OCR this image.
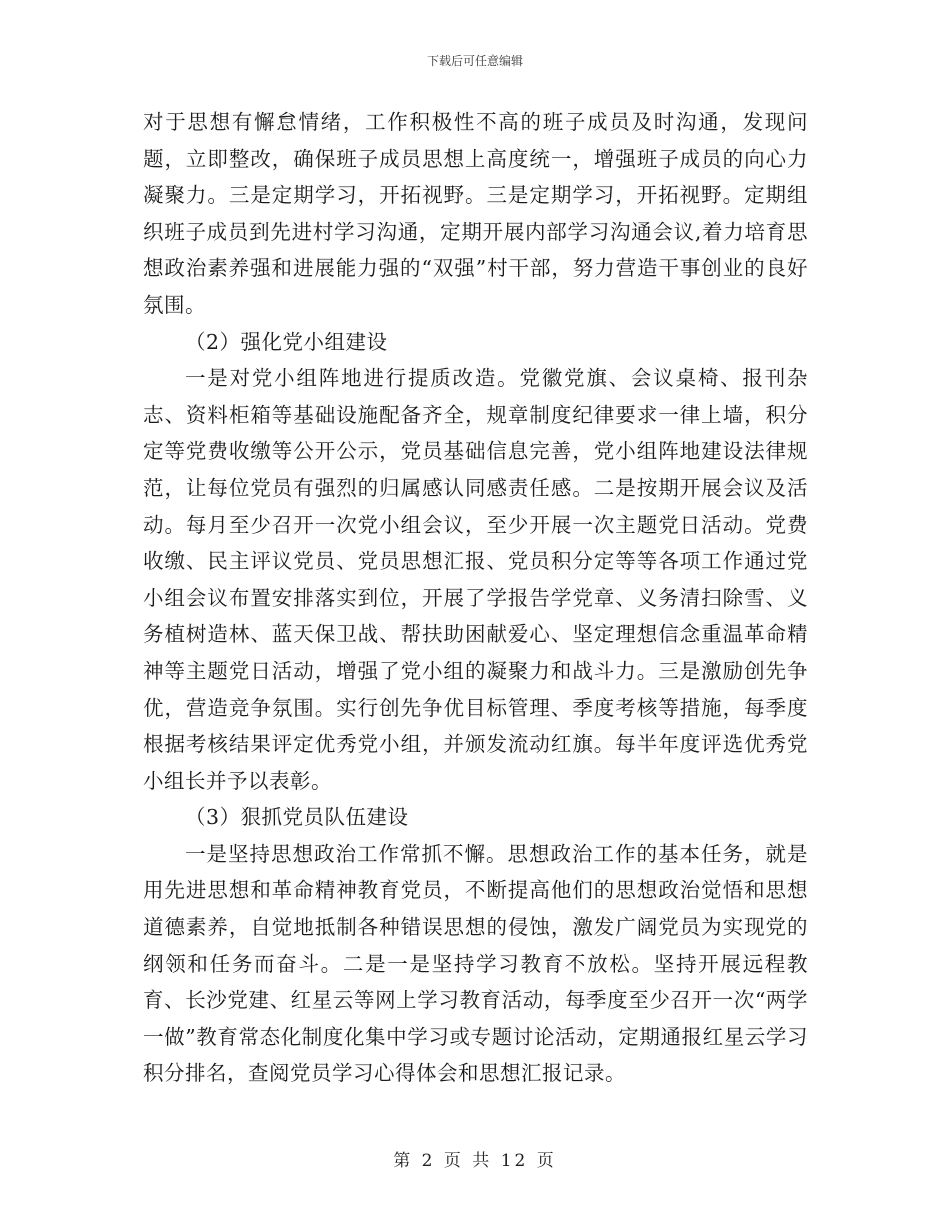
下载后可任意编辑

对于思想有懈怠情绪，工作积极性不高的班子成员及时沟通，发现问题，立即整改，确保班子成员思想上高度统一，增强班子成员的向心力凝聚力。三是定期学习，开拓视野。三是定期学习，开拓视野。定期组织班子成员到先进村学习沟通，定期开展内部学习沟通会议,着力培育思想政治素养强和进展能力强的“双强”村干部，努力营造干事创业的良好氛围。

（2）强化党小组建设

一是对党小组阵地进行提质改造。党徽党旗、会议桌椅、报刊杂志、资料柜箱等基础设施配备齐全，规章制度纪律要求一律上墙，积分定等党费收缴等公开公示，党员基础信息完善，党小组阵地建设法律规范，让每位党员有强烈的归属感认同感责任感。二是按期开展会议及活动。每月至少召开一次党小组会议，至少开展一次主题党日活动。党费收缴、民主评议党员、党员思想汇报、党员积分定等等各项工作通过党小组会议布置安排落实到位，开展了学报告学党章、义务清扫除雪、义务植树造林、蓝天保卫战、帮扶助困献爱心、坚定理想信念重温革命精神等主题党日活动，增强了党小组的凝聚力和战斗力。三是激励创先争优，营造竞争氛围。实行创先争优目标管理、季度考核等措施，每季度根据考核结果评定优秀党小组，并颁发流动红旗。每半年度评选优秀党小组长并予以表彰。

（3）狠抓党员队伍建设

一是坚持思想政治工作常抓不懈。思想政治工作的基本任务，就是用先进思想和革命精神教育党员，不断提高他们的思想政治觉悟和思想道德素养，自觉地抵制各种错误思想的侵蚀，激发广阔党员为实现党的纲领和任务而奋斗。二是一是坚持学习教育不放松。坚持开展远程教育、长沙党建、红星云等网上学习教育活动，每季度至少召开一次“两学一做”教育常态化制度化集中学习或专题讨论活动，定期通报红星云学习积分排名，查阅党员学习心得体会和思想汇报记录。

第 2 页 共 12 页
